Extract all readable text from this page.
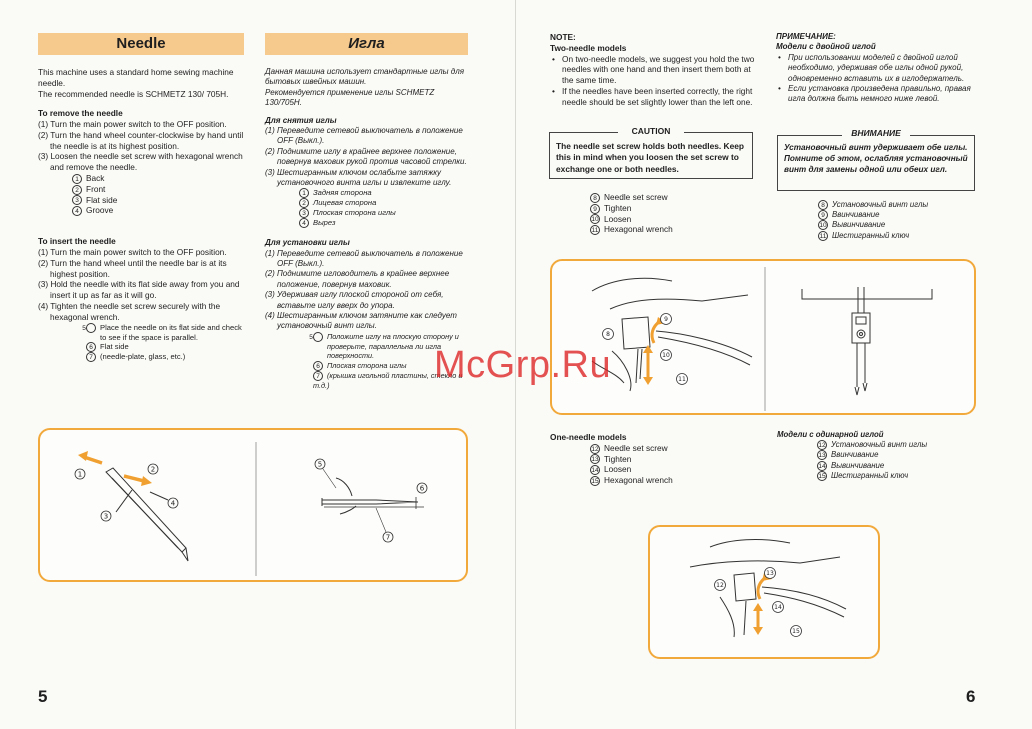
Needle	Игла

This machine uses a standard home sewing machine needle.

The recommended needle is SCHMETZ 130/ 705H.

To remove the needle

(1) Turn the main power switch to the OFF position.

(2) Turn the hand wheel counter-clockwise by hand until the needle is at its highest position.

(3) Loosen the needle set screw with hexagonal wrench and remove the needle.

1 Back

2 Front

3 Flat side

4 Groove

To insert the needle

(1) Turn the main power switch to the OFF position.

(2) Turn the hand wheel until the needle bar is at its highest position.

(3) Hold the needle with its flat side away from you and insert it up as far as it will go.

(4) Tighten the needle set screw securely with the hexagonal wrench.

5 Place the needle on its flat side and check to see if the space is parallel.

6 Flat side

7 (needle-plate, glass, etc.)

Данная машина использует стандартные иглы для бытовых швейных машин.

Рекомендуется применение иглы SCHMETZ 130/705H.

Для снятия иглы

(1) Переведите сетевой выключатель в положение OFF (Выкл.).

(2) Поднимите иглу в крайнее верхнее положение, повернув маховик рукой против часовой стрелки.

(3) Шестигранным ключом ослабьте затяжку установочного винта иглы и извлеките иглу.

1 Задняя сторона

2 Лицевая сторона

3 Плоская сторона иглы

4 Вырез

Для установки иглы

(1) Переведите сетевой выключатель в положение OFF (Выкл.).

(2) Поднимите игловодитель в крайнее верхнее положение, повернув маховик.

(3) Удерживая иглу плоской стороной от себя, вставьте иглу вверх до упора.

(4) Шестигранным ключом затяните как следует установочный винт иглы.

5 Положите иглу на плоскую сторону и проверьте, параллельна ли игла поверхности.

6 Плоская сторона иглы

7 (крышка игольной пластины, стекло и т.д.)

1
2
3
4
5
6
7
5

NOTE:

Two-needle models

• On two-needle models, we suggest you hold the two needles with one hand and then insert them both at the same time.

• If the needles have been inserted correctly, the right needle should be set slightly lower than the left one.

The needle set screw holds both needles. Keep this in mind when you loosen the set screw to exchange one or both needles.
CAUTION

8 Needle set screw

9 Tighten

10 Loosen

11 Hexagonal wrench

ПРИМЕЧАНИЕ:

Модели с двойной иглой

• При использовании моделей с двойной иглой необходимо, удерживая обе иглы одной рукой, одновременно вставить их в иглодержатель.

• Если установка произведена правильно, правая игла должна быть немного ниже левой.

Установочный винт удерживает обе иглы. Помните об этом, ослабляя установочный винт для замены одной или обеих игл.
ВНИМАНИЕ

8 Установочный винт иглы

9 Ввинчивание

10 Вывинчивание

11 Шестигранный ключ

8
9
10
11

One-needle models

12 Needle set screw

13 Tighten

14 Loosen

15 Hexagonal wrench

Модели с одинарной иглой

12 Установочный винт иглы

13 Ввинчивание

14 Вывинчивание

15 Шестигранный ключ

12
13
14
15
6
McGrp.Ru
